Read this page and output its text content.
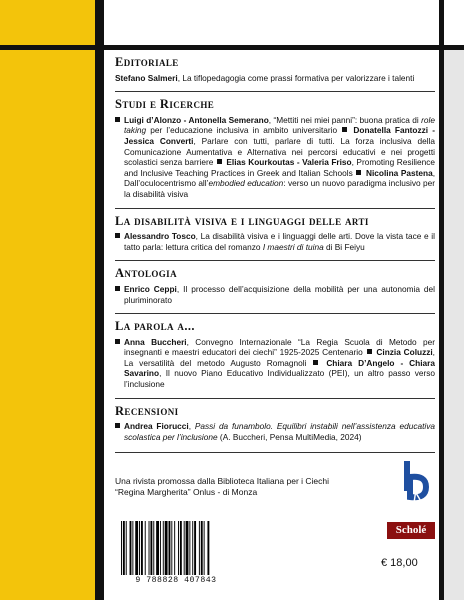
Editoriale
Stefano Salmeri, La tiflopedagogia come prassi formativa per valorizzare i talenti
Studi e Ricerche
Luigi d’Alonzo - Antonella Semerano, “Mettiti nei miei panni”: buona pratica di role taking per l’educazione inclusiva in ambito universitario Donatella Fantozzi - Jessica Converti, Parlare con tutti, parlare di tutti. La forza inclusiva della Comunicazione Aumentativa e Alternativa nei percorsi educativi e nei progetti scolastici senza barriere Elias Kourkoutas - Valeria Friso, Promoting Resilience and Inclusive Teaching Practices in Greek and Italian Schools Nicolina Pastena, Dall’oculocentrismo all’embodied education: verso un nuovo paradigma inclusivo per la disabilità visiva
La disabilità visiva e i linguaggi delle arti
Alessandro Tosco, La disabilità visiva e i linguaggi delle arti. Dove la vista tace e il tatto parla: lettura critica del romanzo I maestri di tuina di Bi Feiyu
Antologia
Enrico Ceppi, Il processo dell’acquisizione della mobilità per una autonomia del pluriminorato
La parola a...
Anna Buccheri, Convegno Internazionale “La Regia Scuola di Metodo per insegnanti e maestri educatori dei ciechi” 1925-2025 Centenario Cinzia Coluzzi, La versatilità del metodo Augusto Romagnoli Chiara D’Angelo - Chiara Savarino, Il nuovo Piano Educativo Individualizzato (PEI), un altro passo verso l’inclusione
Recensioni
Andrea Fiorucci, Passi da funambolo. Equilibri instabili nell’assistenza educativa scolastica per l’inclusione (A. Buccheri, Pensa MultiMedia, 2024)
Una rivista promossa dalla Biblioteca Italiana per i Ciechi
“Regina Margherita” Onlus - di Monza
9 788828 407843
Scholé
€ 18,00
